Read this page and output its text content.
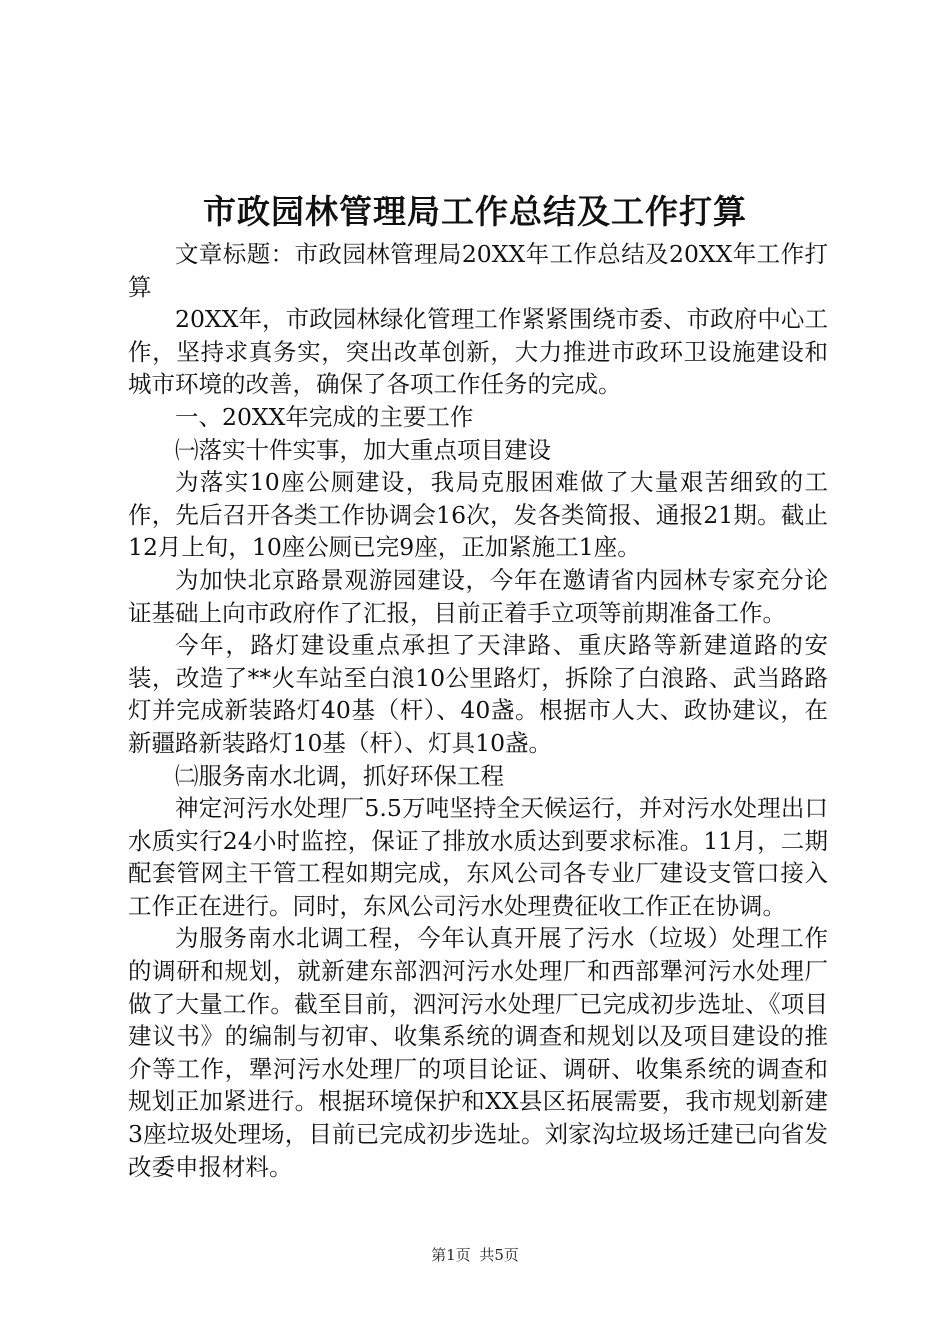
市政园林管理局工作总结及工作打算

文章标题：市政园林管理局20XX年工作总结及20XX年工作打算

20XX年，市政园林绿化管理工作紧紧围绕市委、市政府中心工作，坚持求真务实，突出改革创新，大力推进市政环卫设施建设和城市环境的改善，确保了各项工作任务的完成。

一、20XX年完成的主要工作

㈠落实十件实事，加大重点项目建设

为落实10座公厕建设，我局克服困难做了大量艰苦细致的工作，先后召开各类工作协调会16次，发各类简报、通报21期。截止12月上旬，10座公厕已完9座，正加紧施工1座。

为加快北京路景观游园建设，今年在邀请省内园林专家充分论证基础上向市政府作了汇报，目前正着手立项等前期准备工作。

今年，路灯建设重点承担了天津路、重庆路等新建道路的安装，改造了**火车站至白浪10公里路灯，拆除了白浪路、武当路路灯并完成新装路灯40基（杆）、40盏。根据市人大、政协建议，在新疆路新装路灯10基（杆）、灯具10盏。

㈡服务南水北调，抓好环保工程

神定河污水处理厂5.5万吨坚持全天候运行，并对污水处理出口水质实行24小时监控，保证了排放水质达到要求标准。11月，二期配套管网主干管工程如期完成，东风公司各专业厂建设支管口接入工作正在进行。同时，东风公司污水处理费征收工作正在协调。

为服务南水北调工程，今年认真开展了污水（垃圾）处理工作的调研和规划，就新建东部泗河污水处理厂和西部犟河污水处理厂做了大量工作。截至目前，泗河污水处理厂已完成初步选址、《项目建议书》的编制与初审、收集系统的调查和规划以及项目建设的推介等工作，犟河污水处理厂的项目论证、调研、收集系统的调查和规划正加紧进行。根据环境保护和XX县区拓展需要，我市规划新建3座垃圾处理场，目前已完成初步选址。刘家沟垃圾场迁建已向省发改委申报材料。

第1页 共5页
